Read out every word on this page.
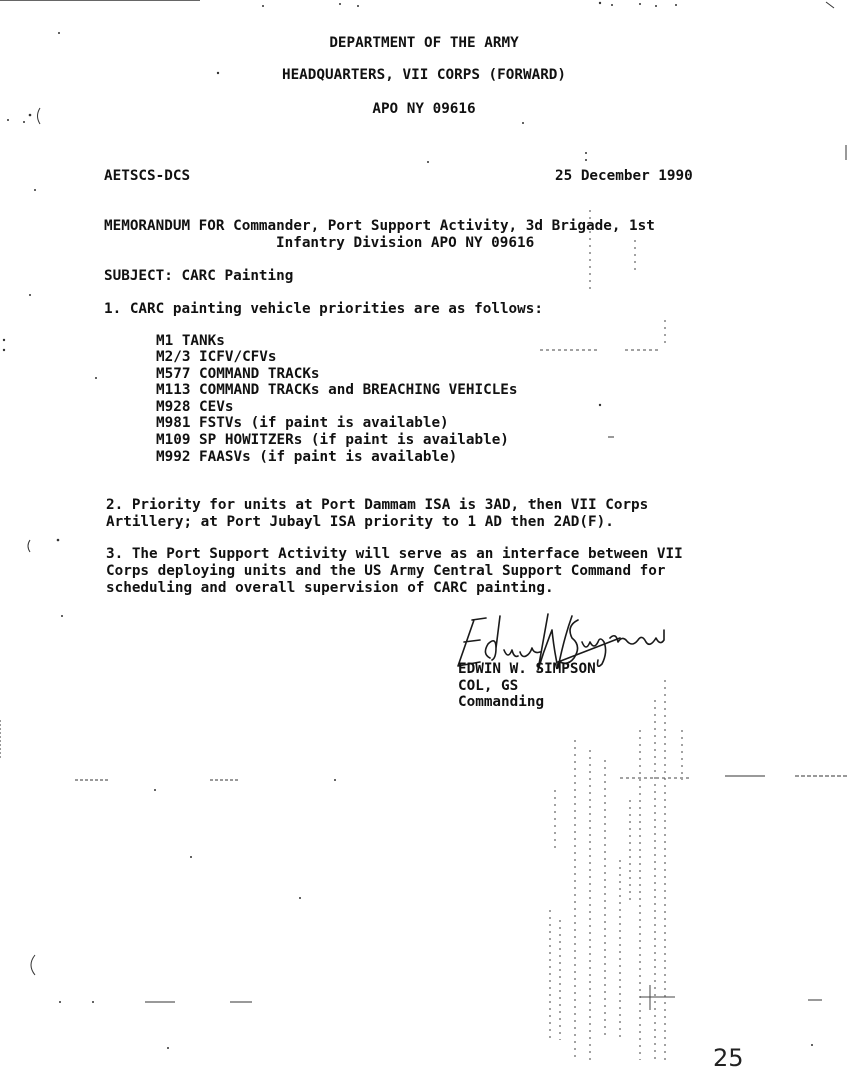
DEPARTMENT OF THE ARMY
HEADQUARTERS, VII CORPS (FORWARD)
APO NY 09616
AETSCS-DCS	25 December 1990
MEMORANDUM FOR Commander, Port Support Activity, 3d Brigade, 1st
Infantry Division APO NY 09616
SUBJECT: CARC Painting
1. CARC painting vehicle priorities are as follows:
M1 TANKs
M2/3 ICFV/CFVs
M577 COMMAND TRACKs
M113 COMMAND TRACKs and BREACHING VEHICLEs
M928 CEVs
M981 FSTVs (if paint is available)
M109 SP HOWITZERs (if paint is available)
M992 FAASVs (if paint is available)
2. Priority for units at Port Dammam ISA is 3AD, then VII Corps
Artillery; at Port Jubayl ISA priority to 1 AD then 2AD(F).
3. The Port Support Activity will serve as an interface between VII
Corps deploying units and the US Army Central Support Command for
scheduling and overall supervision of CARC painting.
EDWIN W. SIMPSON
COL, GS
Commanding
25
